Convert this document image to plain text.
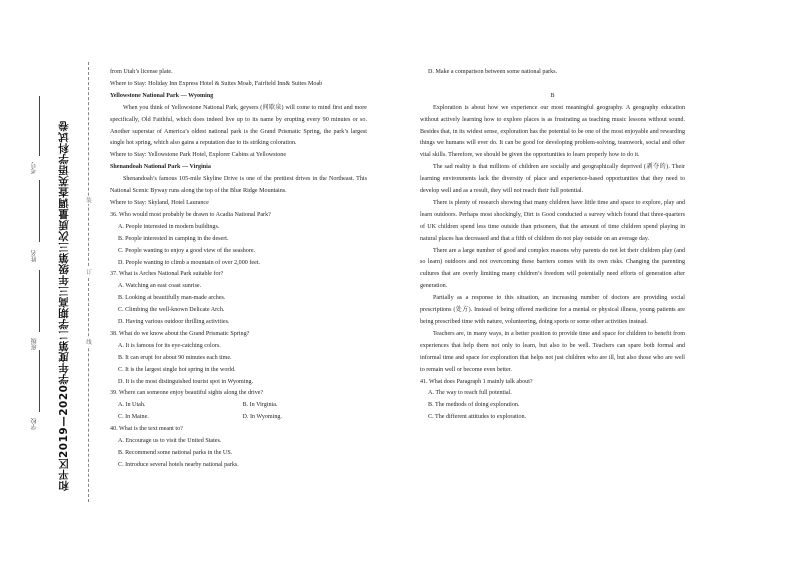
和平区2019—2020学年度第二学期高三年级第三次质量调查英语学科试卷
学校
班级
姓名
考号
装
订
线

from Utah’s license plate.

Where to Stay: Holiday Inn Express Hotel & Suites Moab, Fairfield Inn& Suites Moab

Yellowstone National Park — Wyoming

When you think of Yellowstone National Park, geysers (间歇泉) will come to mind first and more specifically, Old Faithful, which does indeed live up to its name by erupting every 90 minutes or so. Another superstar of America’s oldest national park is the Grand Prismatic Spring, the park’s largest single hot spring, which also gains a reputation due to its striking coloration.

Where to Stay: Yellowstone Park Hotel, Explorer Cabins at Yellowstone

Shenandoah National Park — Virginia

Shenandoah’s famous 105-mile Skyline Drive is one of the prettiest drives in the Northeast. This National Scenic Byway runs along the top of the Blue Ridge Mountains.

Where to Stay: Skyland, Hotel Laurance

36. Who would most probably be drawn to Acadia National Park?

A. People interested in modern buildings.

B. People interested in camping in the desert.

C. People wanting to enjoy a good view of the seashore.

D. People wanting to climb a mountain of over 2,000 feet.

37. What is Arches National Park suitable for?

A. Watching an east coast sunrise.

B. Looking at beautifully man-made arches.

C. Climbing the well-known Delicate Arch.

D. Having various outdoor thrilling activities.

38. What do we know about the Grand Prismatic Spring?

A. It is famous for its eye-catching colors.

B. It can erupt for about 90 minutes each time.

C. It is the largest single hot spring in the world.

D. It is the most distinguished tourist spot in Wyoming.

39. Where can someone enjoy beautiful sights along the drive?

A. In Utah.	B. In Virginia.
C. In Maine.	D. In Wyoming.

40. What is the text meant to?

A. Encourage us to visit the United States.

B. Recommend some national parks in the US.

C. Introduce several hotels nearby national parks.

D. Make a comparison between some national parks.

B

Exploration is about how we experience our most meaningful geography. A geography education without actively learning how to explore places is as frustrating as teaching music lessons without sound. Besides that, in its widest sense, exploration has the potential to be one of the most enjoyable and rewarding things we humans will ever do. It can be good for developing problem-solving, teamwork, social and other vital skills. Therefore, we should be given the opportunities to learn properly how to do it.

The sad reality is that millions of children are socially and geographically deprived (剥夺的). Their learning environments lack the diversity of place and experience-based opportunities that they need to develop well and as a result, they will not reach their full potential.

There is plenty of research showing that many children have little time and space to explore, play and learn outdoors. Perhaps most shockingly, Dirt is Good conducted a survey which found that three-quarters of UK children spend less time outside than prisoners, that the amount of time children spend playing in natural places has decreased and that a fifth of children do not play outside on an average day.

There are a large number of good and complex reasons why parents do not let their children play (and so learn) outdoors and not overcoming these barriers comes with its own risks. Changing the parenting cultures that are overly limiting many children’s freedom will potentially need efforts of generation after generation.

Partially as a response to this situation, an increasing number of doctors are providing social prescriptions (处方). Instead of being offered medicine for a mental or physical illness, young patients are being prescribed time with nature, volunteering, doing sports or some other activities instead.

Teachers are, in many ways, in a better position to provide time and space for children to benefit from experiences that help them not only to learn, but also to be well. Teachers can spare both formal and informal time and space for exploration that helps not just children who are ill, but also those who are well to remain well or become even better.

41. What does Paragraph 1 mainly talk about?

A. The way to reach full potential.

B. The methods of doing exploration.

C. The different attitudes to exploration.
